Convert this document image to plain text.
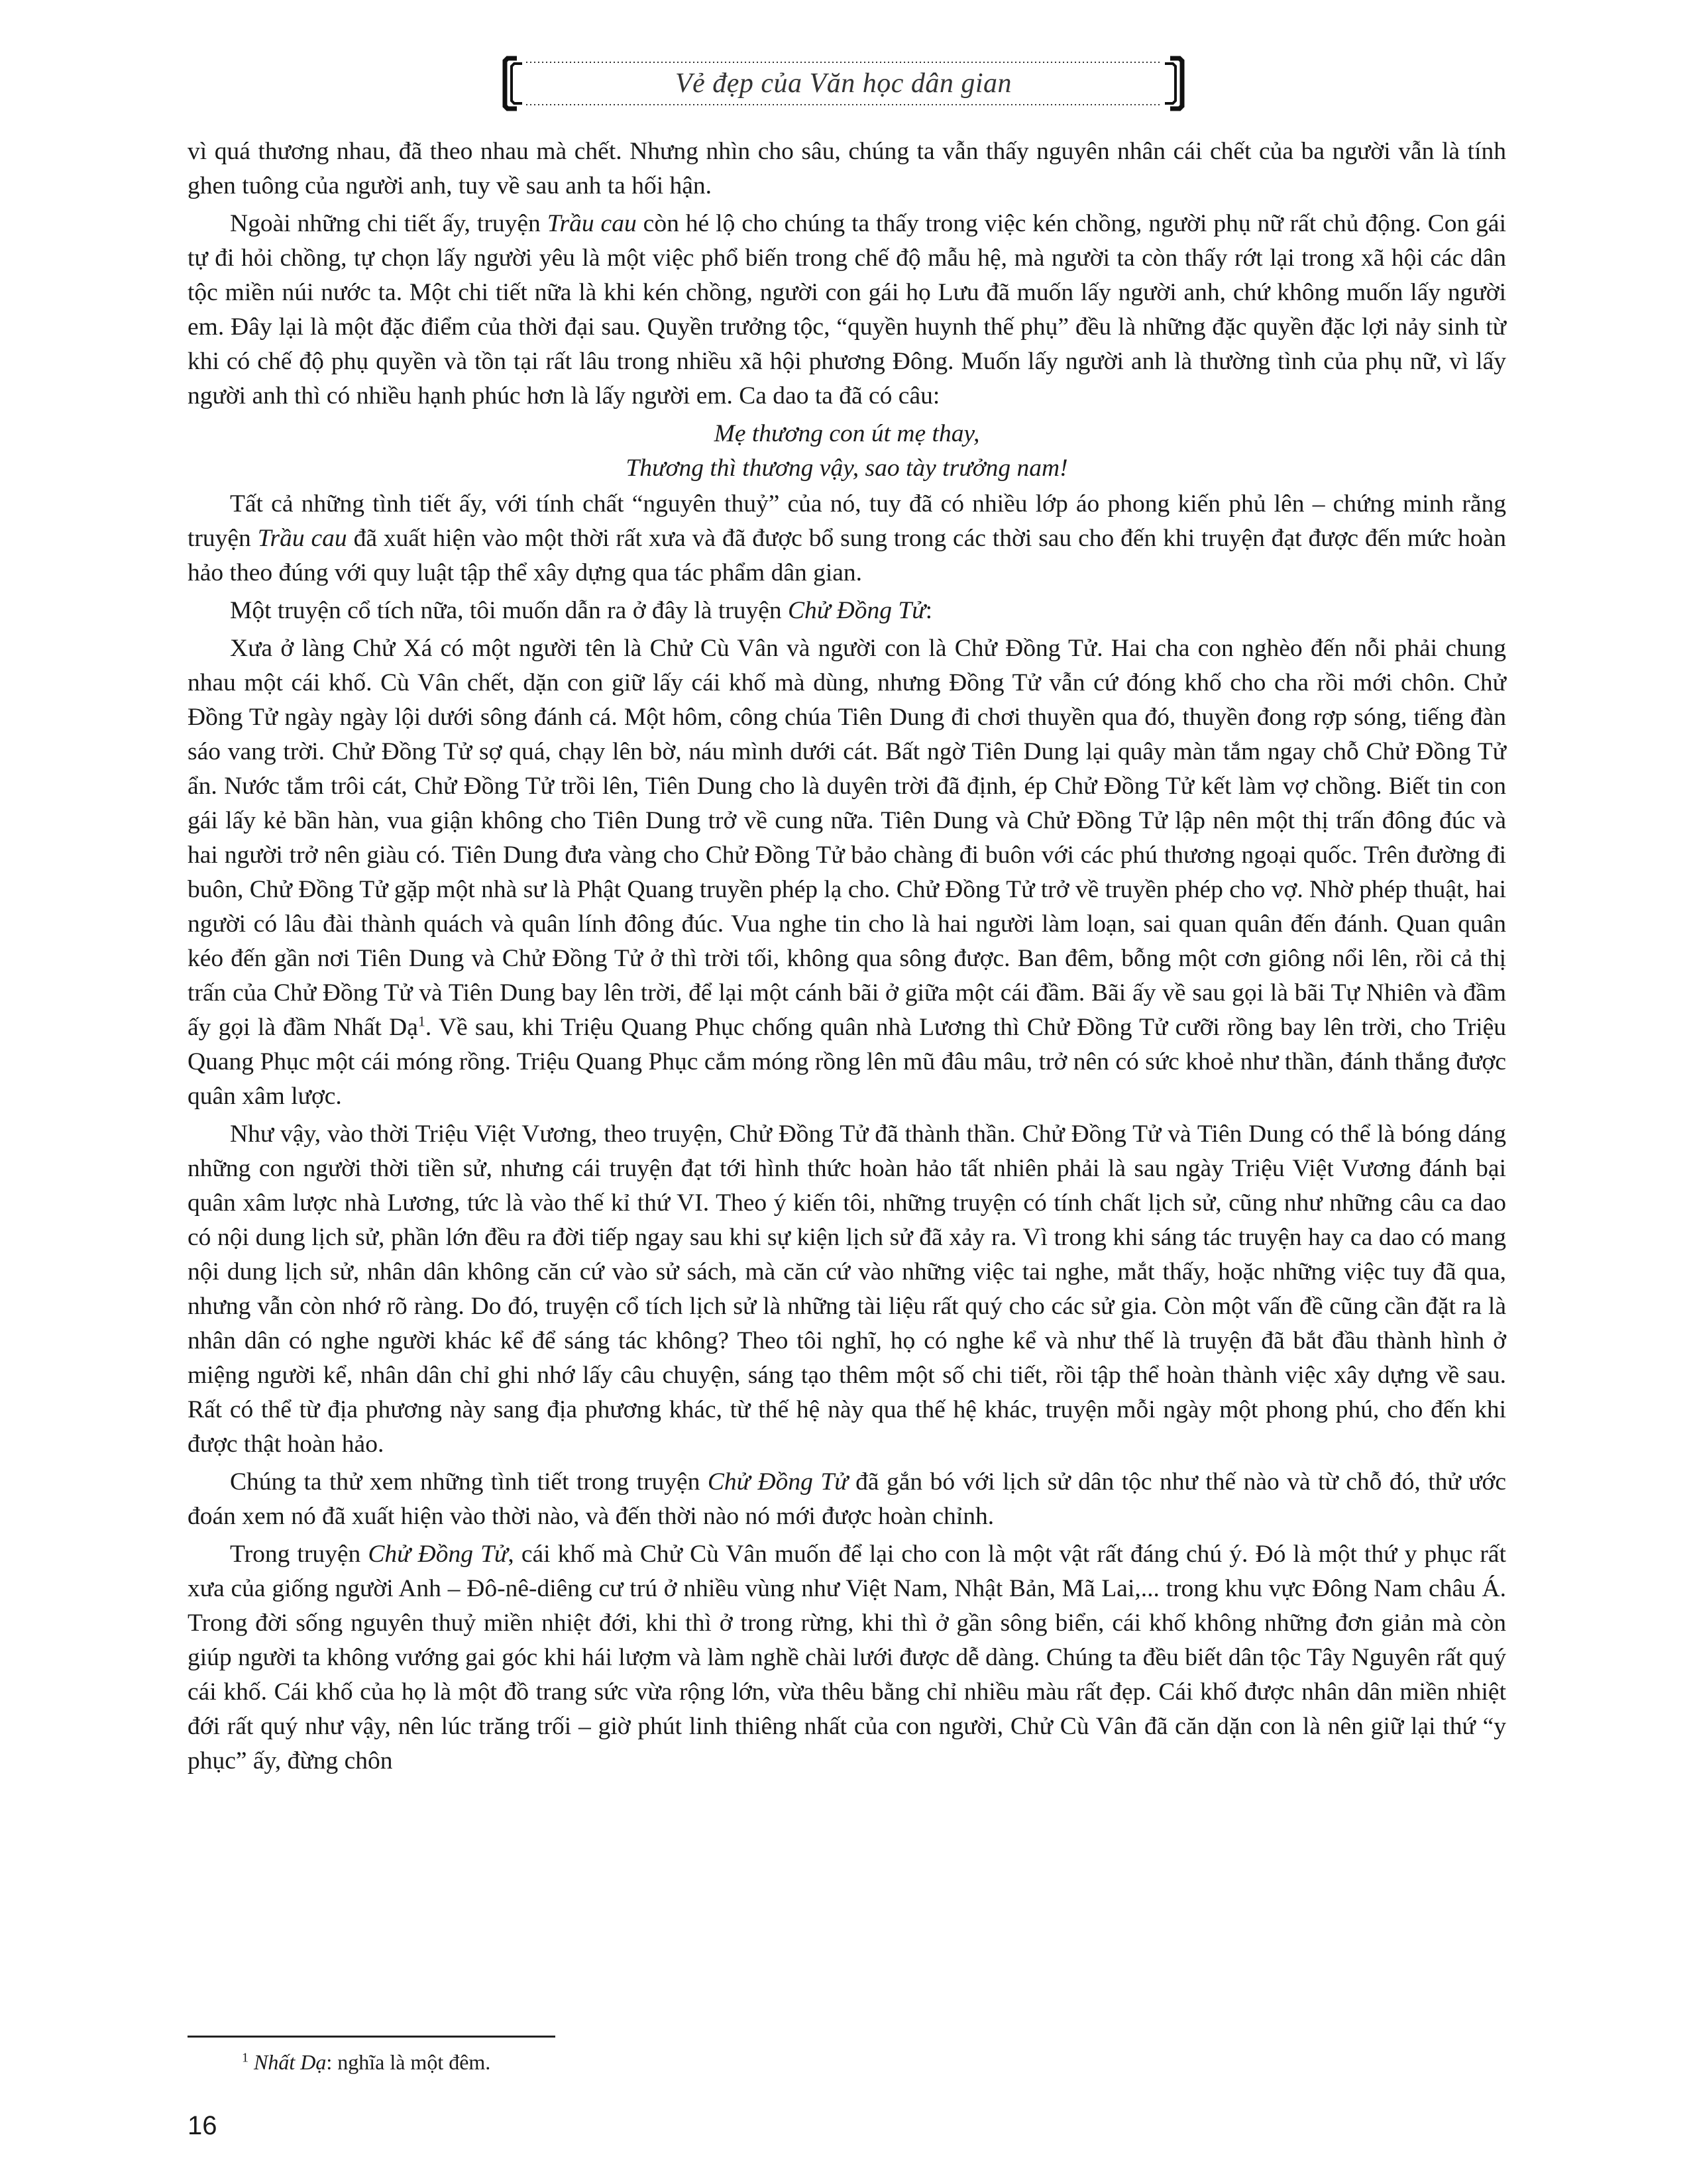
Vẻ đẹp của Văn học dân gian

vì quá thương nhau, đã theo nhau mà chết. Nhưng nhìn cho sâu, chúng ta vẫn thấy nguyên nhân cái chết của ba người vẫn là tính ghen tuông của người anh, tuy về sau anh ta hối hận.

Ngoài những chi tiết ấy, truyện Trầu cau còn hé lộ cho chúng ta thấy trong việc kén chồng, người phụ nữ rất chủ động. Con gái tự đi hỏi chồng, tự chọn lấy người yêu là một việc phổ biến trong chế độ mẫu hệ, mà người ta còn thấy rớt lại trong xã hội các dân tộc miền núi nước ta. Một chi tiết nữa là khi kén chồng, người con gái họ Lưu đã muốn lấy người anh, chứ không muốn lấy người em. Đây lại là một đặc điểm của thời đại sau. Quyền trưởng tộc, “quyền huynh thế phụ” đều là những đặc quyền đặc lợi nảy sinh từ khi có chế độ phụ quyền và tồn tại rất lâu trong nhiều xã hội phương Đông. Muốn lấy người anh là thường tình của phụ nữ, vì lấy người anh thì có nhiều hạnh phúc hơn là lấy người em. Ca dao ta đã có câu:

Mẹ thương con út mẹ thay,
Thương thì thương vậy, sao tày trưởng nam!

Tất cả những tình tiết ấy, với tính chất “nguyên thuỷ” của nó, tuy đã có nhiều lớp áo phong kiến phủ lên – chứng minh rằng truyện Trầu cau đã xuất hiện vào một thời rất xưa và đã được bổ sung trong các thời sau cho đến khi truyện đạt được đến mức hoàn hảo theo đúng với quy luật tập thể xây dựng qua tác phẩm dân gian.

Một truyện cổ tích nữa, tôi muốn dẫn ra ở đây là truyện Chử Đồng Tử:

Xưa ở làng Chử Xá có một người tên là Chử Cù Vân và người con là Chử Đồng Tử. Hai cha con nghèo đến nỗi phải chung nhau một cái khố. Cù Vân chết, dặn con giữ lấy cái khố mà dùng, nhưng Đồng Tử vẫn cứ đóng khố cho cha rồi mới chôn. Chử Đồng Tử ngày ngày lội dưới sông đánh cá. Một hôm, công chúa Tiên Dung đi chơi thuyền qua đó, thuyền đong rợp sóng, tiếng đàn sáo vang trời. Chử Đồng Tử sợ quá, chạy lên bờ, náu mình dưới cát. Bất ngờ Tiên Dung lại quây màn tắm ngay chỗ Chử Đồng Tử ẩn. Nước tắm trôi cát, Chử Đồng Tử trồi lên, Tiên Dung cho là duyên trời đã định, ép Chử Đồng Tử kết làm vợ chồng. Biết tin con gái lấy kẻ bần hàn, vua giận không cho Tiên Dung trở về cung nữa. Tiên Dung và Chử Đồng Tử lập nên một thị trấn đông đúc và hai người trở nên giàu có. Tiên Dung đưa vàng cho Chử Đồng Tử bảo chàng đi buôn với các phú thương ngoại quốc. Trên đường đi buôn, Chử Đồng Tử gặp một nhà sư là Phật Quang truyền phép lạ cho. Chử Đồng Tử trở về truyền phép cho vợ. Nhờ phép thuật, hai người có lâu đài thành quách và quân lính đông đúc. Vua nghe tin cho là hai người làm loạn, sai quan quân đến đánh. Quan quân kéo đến gần nơi Tiên Dung và Chử Đồng Tử ở thì trời tối, không qua sông được. Ban đêm, bỗng một cơn giông nổi lên, rồi cả thị trấn của Chử Đồng Tử và Tiên Dung bay lên trời, để lại một cánh bãi ở giữa một cái đầm. Bãi ấy về sau gọi là bãi Tự Nhiên và đầm ấy gọi là đầm Nhất Dạ$^1$. Về sau, khi Triệu Quang Phục chống quân nhà Lương thì Chử Đồng Tử cưỡi rồng bay lên trời, cho Triệu Quang Phục một cái móng rồng. Triệu Quang Phục cắm móng rồng lên mũ đâu mâu, trở nên có sức khoẻ như thần, đánh thắng được quân xâm lược.

Như vậy, vào thời Triệu Việt Vương, theo truyện, Chử Đồng Tử đã thành thần. Chử Đồng Tử và Tiên Dung có thể là bóng dáng những con người thời tiền sử, nhưng cái truyện đạt tới hình thức hoàn hảo tất nhiên phải là sau ngày Triệu Việt Vương đánh bại quân xâm lược nhà Lương, tức là vào thế kỉ thứ VI. Theo ý kiến tôi, những truyện có tính chất lịch sử, cũng như những câu ca dao có nội dung lịch sử, phần lớn đều ra đời tiếp ngay sau khi sự kiện lịch sử đã xảy ra. Vì trong khi sáng tác truyện hay ca dao có mang nội dung lịch sử, nhân dân không căn cứ vào sử sách, mà căn cứ vào những việc tai nghe, mắt thấy, hoặc những việc tuy đã qua, nhưng vẫn còn nhớ rõ ràng. Do đó, truyện cổ tích lịch sử là những tài liệu rất quý cho các sử gia. Còn một vấn đề cũng cần đặt ra là nhân dân có nghe người khác kể để sáng tác không? Theo tôi nghĩ, họ có nghe kể và như thế là truyện đã bắt đầu thành hình ở miệng người kể, nhân dân chỉ ghi nhớ lấy câu chuyện, sáng tạo thêm một số chi tiết, rồi tập thể hoàn thành việc xây dựng về sau. Rất có thể từ địa phương này sang địa phương khác, từ thế hệ này qua thế hệ khác, truyện mỗi ngày một phong phú, cho đến khi được thật hoàn hảo.

Chúng ta thử xem những tình tiết trong truyện Chử Đồng Tử đã gắn bó với lịch sử dân tộc như thế nào và từ chỗ đó, thử ước đoán xem nó đã xuất hiện vào thời nào, và đến thời nào nó mới được hoàn chỉnh.

Trong truyện Chử Đồng Tử, cái khố mà Chử Cù Vân muốn để lại cho con là một vật rất đáng chú ý. Đó là một thứ y phục rất xưa của giống người Anh – Đô-nê-diêng cư trú ở nhiều vùng như Việt Nam, Nhật Bản, Mã Lai,... trong khu vực Đông Nam châu Á. Trong đời sống nguyên thuỷ miền nhiệt đới, khi thì ở trong rừng, khi thì ở gần sông biển, cái khố không những đơn giản mà còn giúp người ta không vướng gai góc khi hái lượm và làm nghề chài lưới được dễ dàng. Chúng ta đều biết dân tộc Tây Nguyên rất quý cái khố. Cái khố của họ là một đồ trang sức vừa rộng lớn, vừa thêu bằng chỉ nhiều màu rất đẹp. Cái khố được nhân dân miền nhiệt đới rất quý như vậy, nên lúc trăng trối – giờ phút linh thiêng nhất của con người, Chử Cù Vân đã căn dặn con là nên giữ lại thứ “y phục” ấy, đừng chôn

$^1$ Nhất Dạ: nghĩa là một đêm.
16
